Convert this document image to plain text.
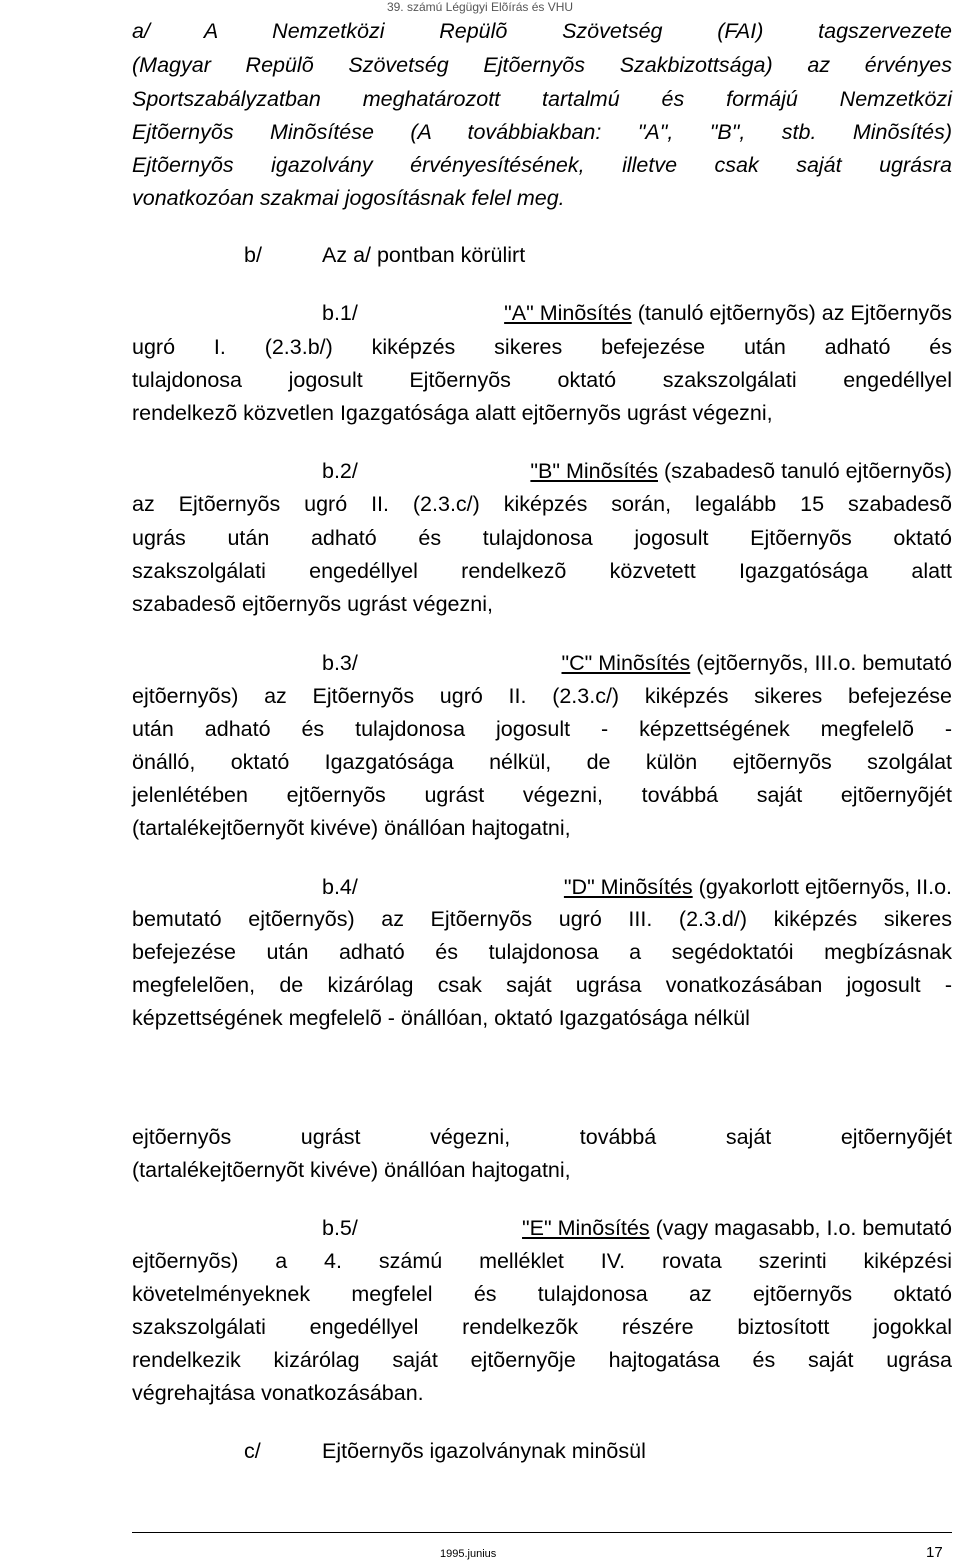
39. számú Légügyi Elõírás és VHU
a/ A Nemzetközi Repülõ Szövetség (FAI) tagszervezete
(Magyar Repülõ Szövetség Ejtõernyõs Szakbizottsága) az érvényes
Sportszabályzatban meghatározott tartalmú és formájú Nemzetközi
Ejtõernyõs Minõsítése (A továbbiakban: "A", "B", stb. Minõsítés)
Ejtõernyõs igazolvány érvényesítésének, illetve csak saját ugrásra
vonatkozóan szakmai jogosításnak felel meg.
b/	Az a/ pontban körülirt
b.1/	"A" Minõsítés (tanuló ejtõernyõs) az Ejtõernyõs
ugró I. (2.3.b/) kiképzés sikeres befejezése után adható és
tulajdonosa jogosult Ejtõernyõs oktató szakszolgálati engedéllyel
rendelkezõ közvetlen Igazgatósága alatt ejtõernyõs ugrást végezni,
b.2/	"B" Minõsítés (szabadesõ tanuló ejtõernyõs)
az Ejtõernyõs ugró II. (2.3.c/) kiképzés során, legalább 15 szabadesõ
ugrás után adható és tulajdonosa jogosult Ejtõernyõs oktató
szakszolgálati engedéllyel rendelkezõ közvetett Igazgatósága alatt
szabadesõ ejtõernyõs ugrást végezni,
b.3/	"C" Minõsítés (ejtõernyõs, III.o. bemutató
ejtõernyõs) az Ejtõernyõs ugró II. (2.3.c/) kiképzés sikeres befejezése
után adható és tulajdonosa jogosult - képzettségének megfelelõ -
önálló, oktató Igazgatósága nélkül, de külön ejtõernyõs szolgálat
jelenlétében ejtõernyõs ugrást végezni, továbbá saját ejtõernyõjét
(tartalékejtõernyõt kivéve) önállóan hajtogatni,
b.4/	"D" Minõsítés (gyakorlott ejtõernyõs, II.o.
bemutató ejtõernyõs) az Ejtõernyõs ugró III. (2.3.d/) kiképzés sikeres
befejezése után adható és tulajdonosa a segédoktatói megbízásnak
megfelelõen, de kizárólag csak saját ugrása vonatkozásában jogosult -
képzettségének megfelelõ - önállóan, oktató Igazgatósága nélkül
ejtõernyõs ugrást végezni, továbbá saját ejtõernyõjét
(tartalékejtõernyõt kivéve) önállóan hajtogatni,
b.5/	"E" Minõsítés (vagy magasabb, I.o. bemutató
ejtõernyõs) a 4. számú melléklet IV. rovata szerinti kiképzési
követelményeknek megfelel és tulajdonosa az ejtõernyõs oktató
szakszolgálati engedéllyel rendelkezõk részére biztosított jogokkal
rendelkezik kizárólag saját ejtõernyõje hajtogatása és saját ugrása
végrehajtása vonatkozásában.
c/	Ejtõernyõs igazolványnak minõsül
1995.junius	17
